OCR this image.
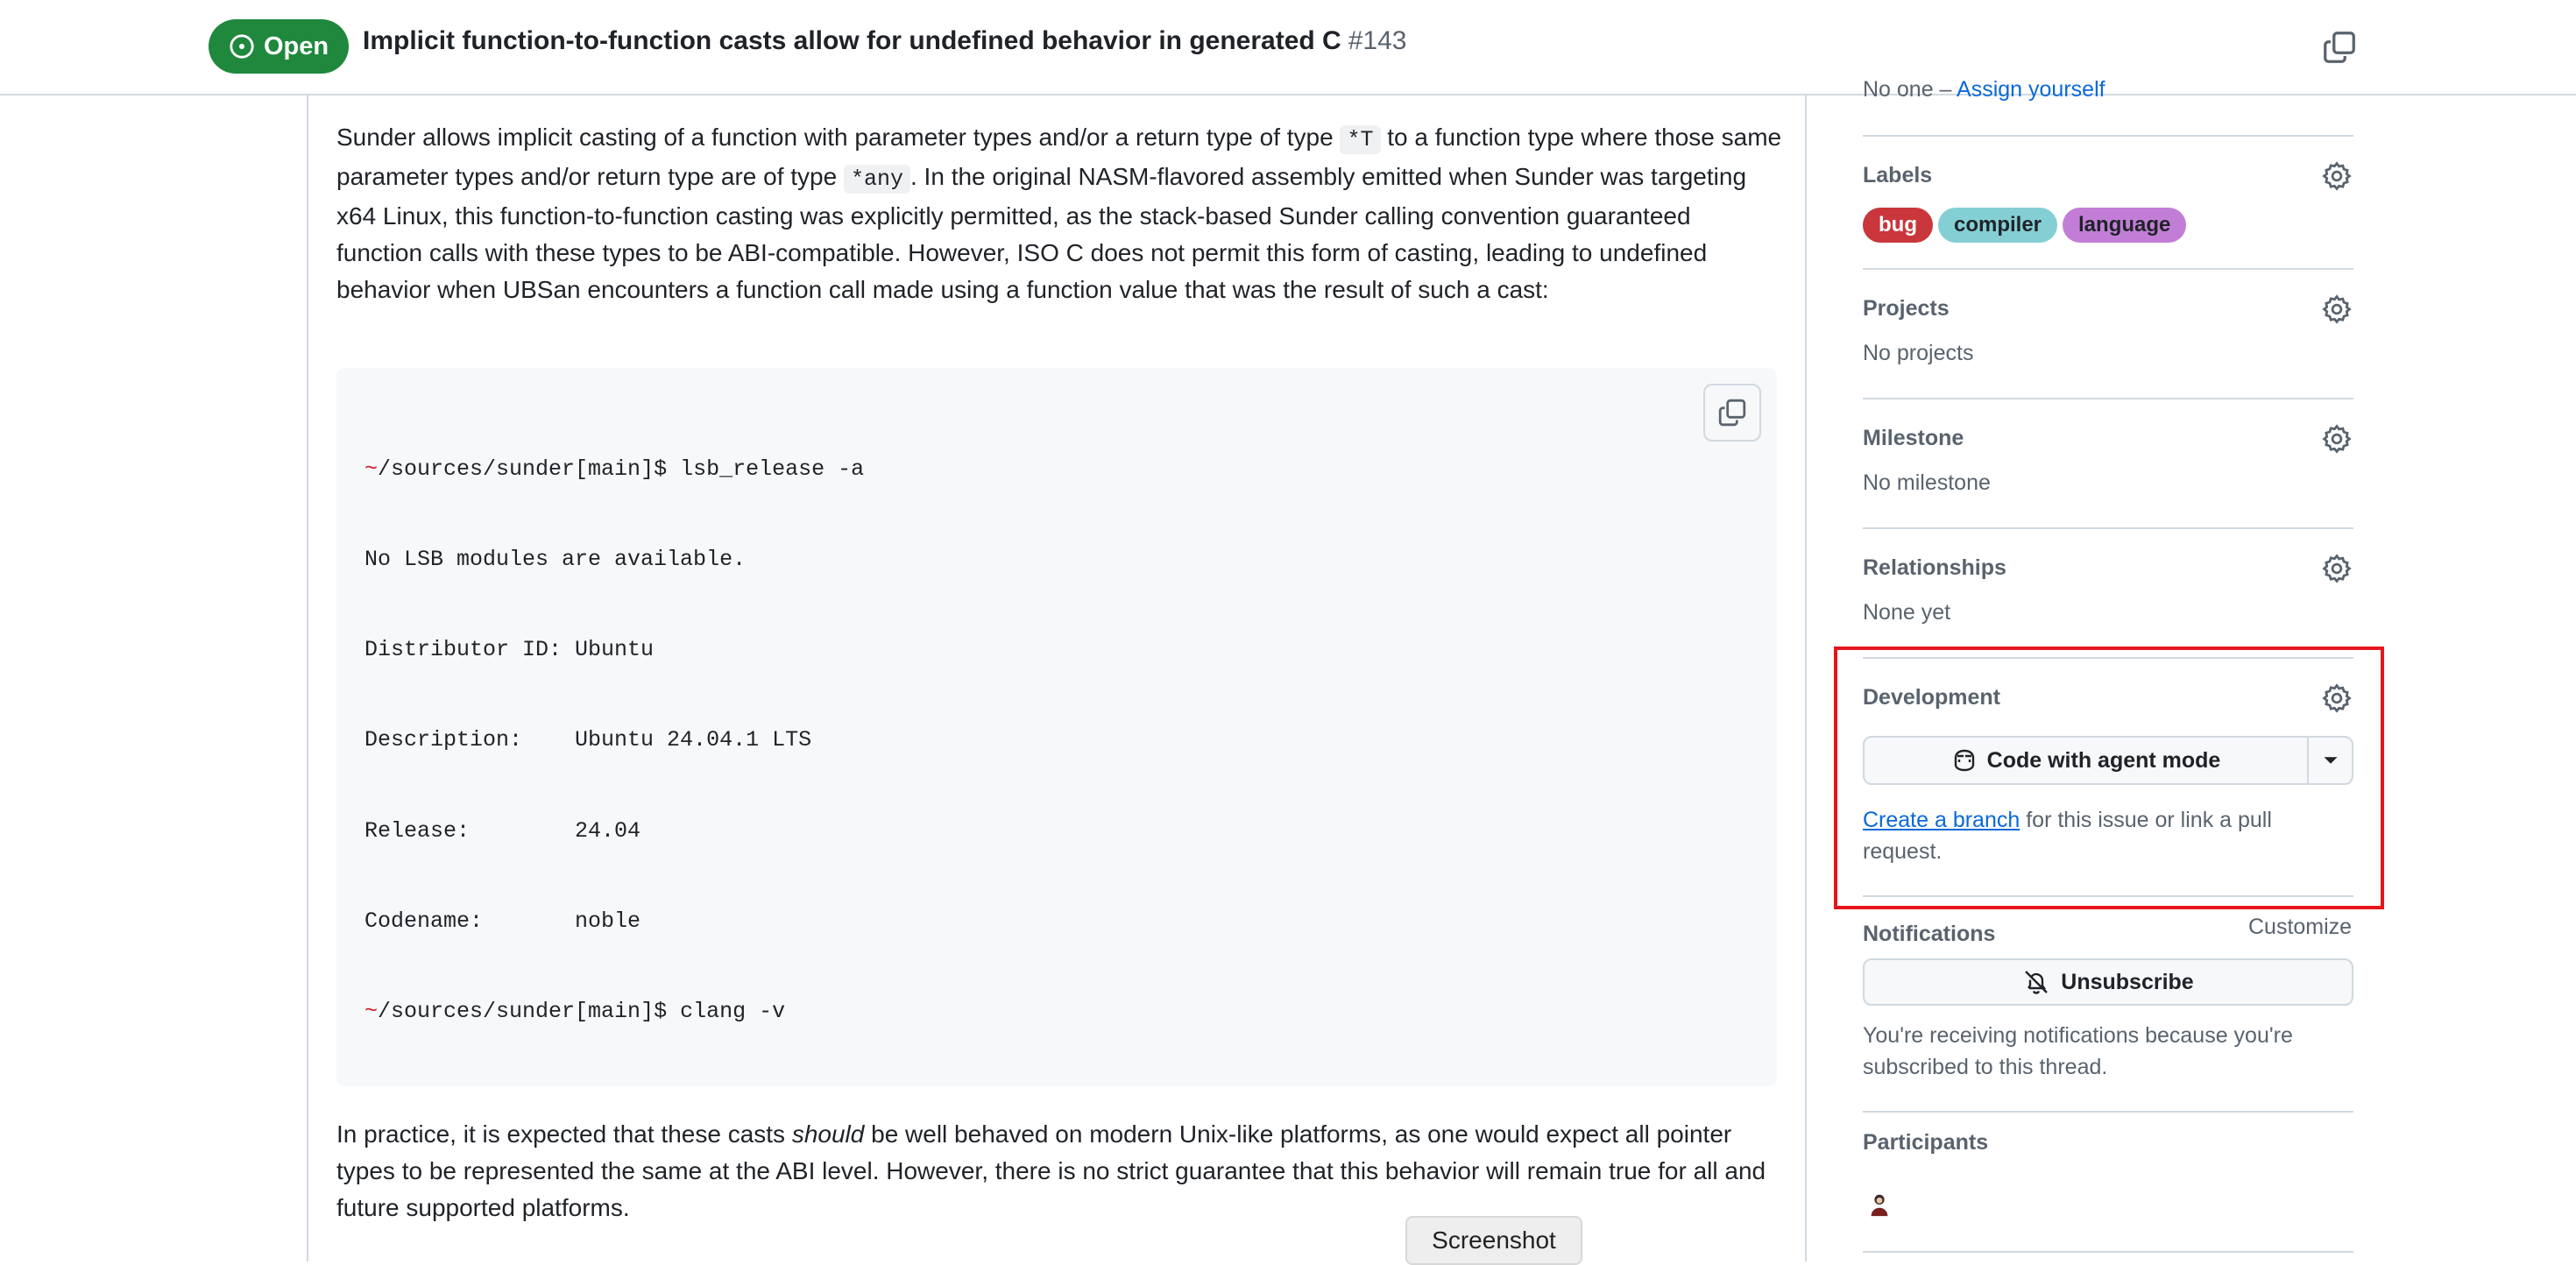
Open Implicit function-to-function casts allow for undefined behavior in generated C #143
Sunder allows implicit casting of a function with parameter types and/or a return type of type *T to a function type where those same parameter types and/or return type are of type *any . In the original NASM-flavored assembly emitted when Sunder was targeting x64 Linux, this function-to-function casting was explicitly permitted, as the stack-based Sunder calling convention guaranteed function calls with these types to be ABI-compatible. However, ISO C does not permit this form of casting, leading to undefined behavior when UBSan encounters a function call made using a function value that was the result of such a cast:

~/sources/sunder[main]$ lsb_release -a

No LSB modules are available.

Distributor ID: Ubuntu

Description:    Ubuntu 24.04.1 LTS

Release:        24.04

Codename:       noble

~/sources/sunder[main]$ clang -v

In practice, it is expected that these casts should be well behaved on modern Unix-like platforms, as one would expect all pointer types to be represented the same at the ABI level. However, there is no strict guarantee that this behavior will remain true for all and future supported platforms.
No one – Assign yourself
Labels
bug compiler language
Projects
No projects
Milestone
No milestone
Relationships
None yet
Development
Code with agent mode
Create a branch for this issue or link a pull request.
Notifications	Customize
Unsubscribe
You're receiving notifications because you're subscribed to this thread.
Participants
Screenshot
